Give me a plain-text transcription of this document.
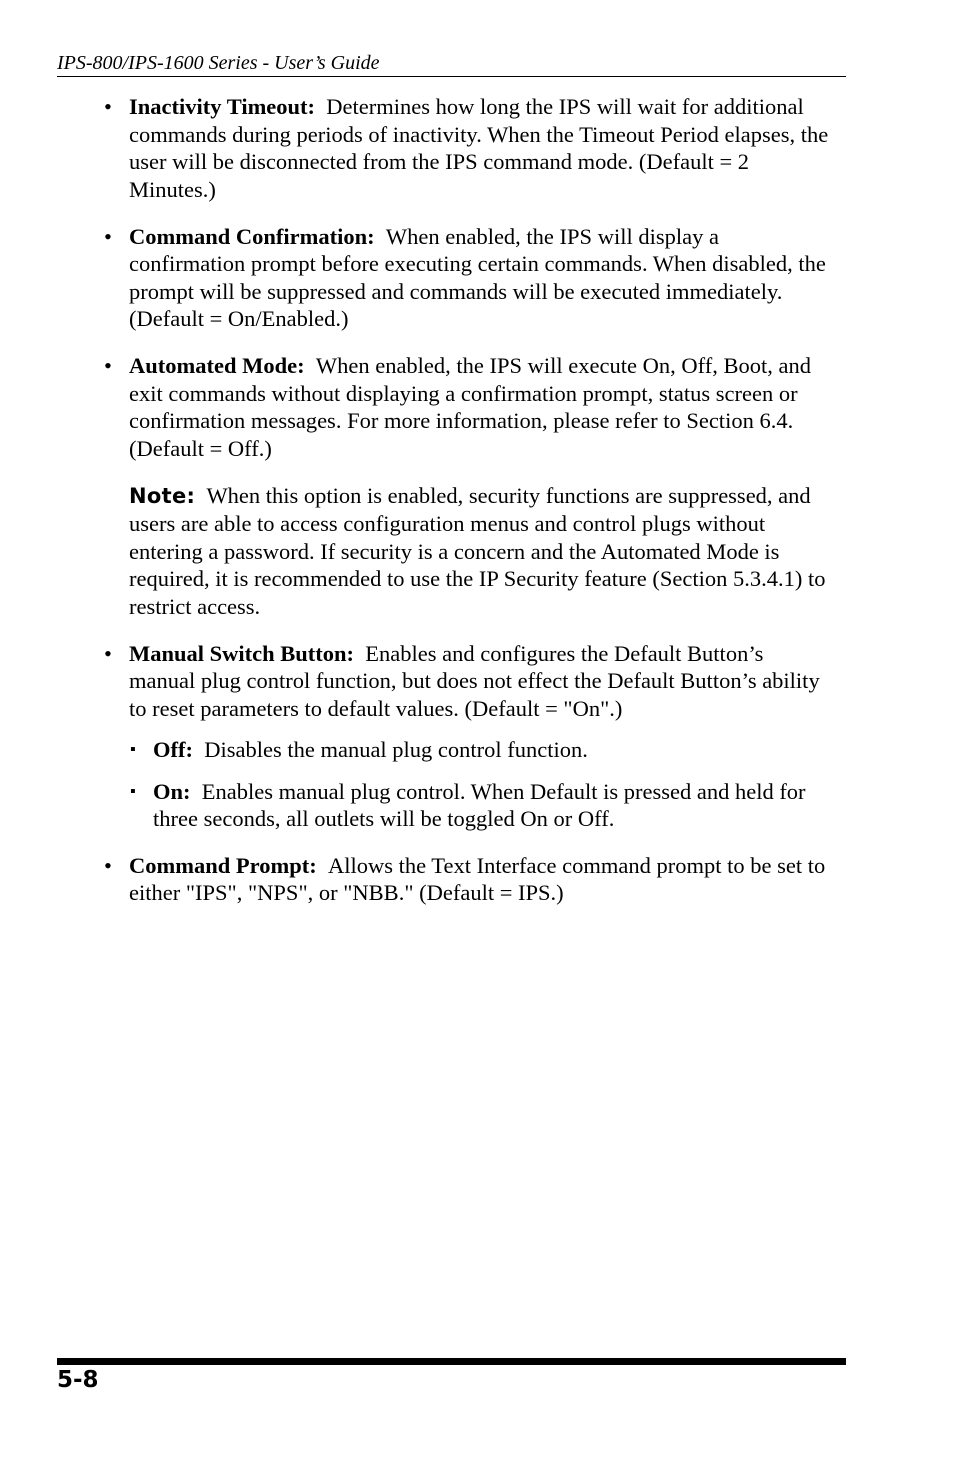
IPS-800/IPS-1600 Series - User’s Guide
• Inactivity Timeout: Determines how long the IPS will wait for additional commands during periods of inactivity. When the Timeout Period elapses, the user will be disconnected from the IPS command mode. (Default = 2 Minutes.)
• Command Confirmation: When enabled, the IPS will display a confirmation prompt before executing certain commands. When disabled, the prompt will be suppressed and commands will be executed immediately. (Default = On/Enabled.)
• Automated Mode: When enabled, the IPS will execute On, Off, Boot, and exit commands without displaying a confirmation prompt, status screen or confirmation messages. For more information, please refer to Section 6.4. (Default = Off.)
Note: When this option is enabled, security functions are suppressed, and users are able to access configuration menus and control plugs without entering a password. If security is a concern and the Automated Mode is required, it is recommended to use the IP Security feature (Section 5.3.4.1) to restrict access.
• Manual Switch Button: Enables and configures the Default Button’s manual plug control function, but does not effect the Default Button’s ability to reset parameters to default values. (Default = "On".)
▪ Off: Disables the manual plug control function.
▪ On: Enables manual plug control. When Default is pressed and held for three seconds, all outlets will be toggled On or Off.
• Command Prompt: Allows the Text Interface command prompt to be set to either "IPS", "NPS", or "NBB." (Default = IPS.)
5-8
